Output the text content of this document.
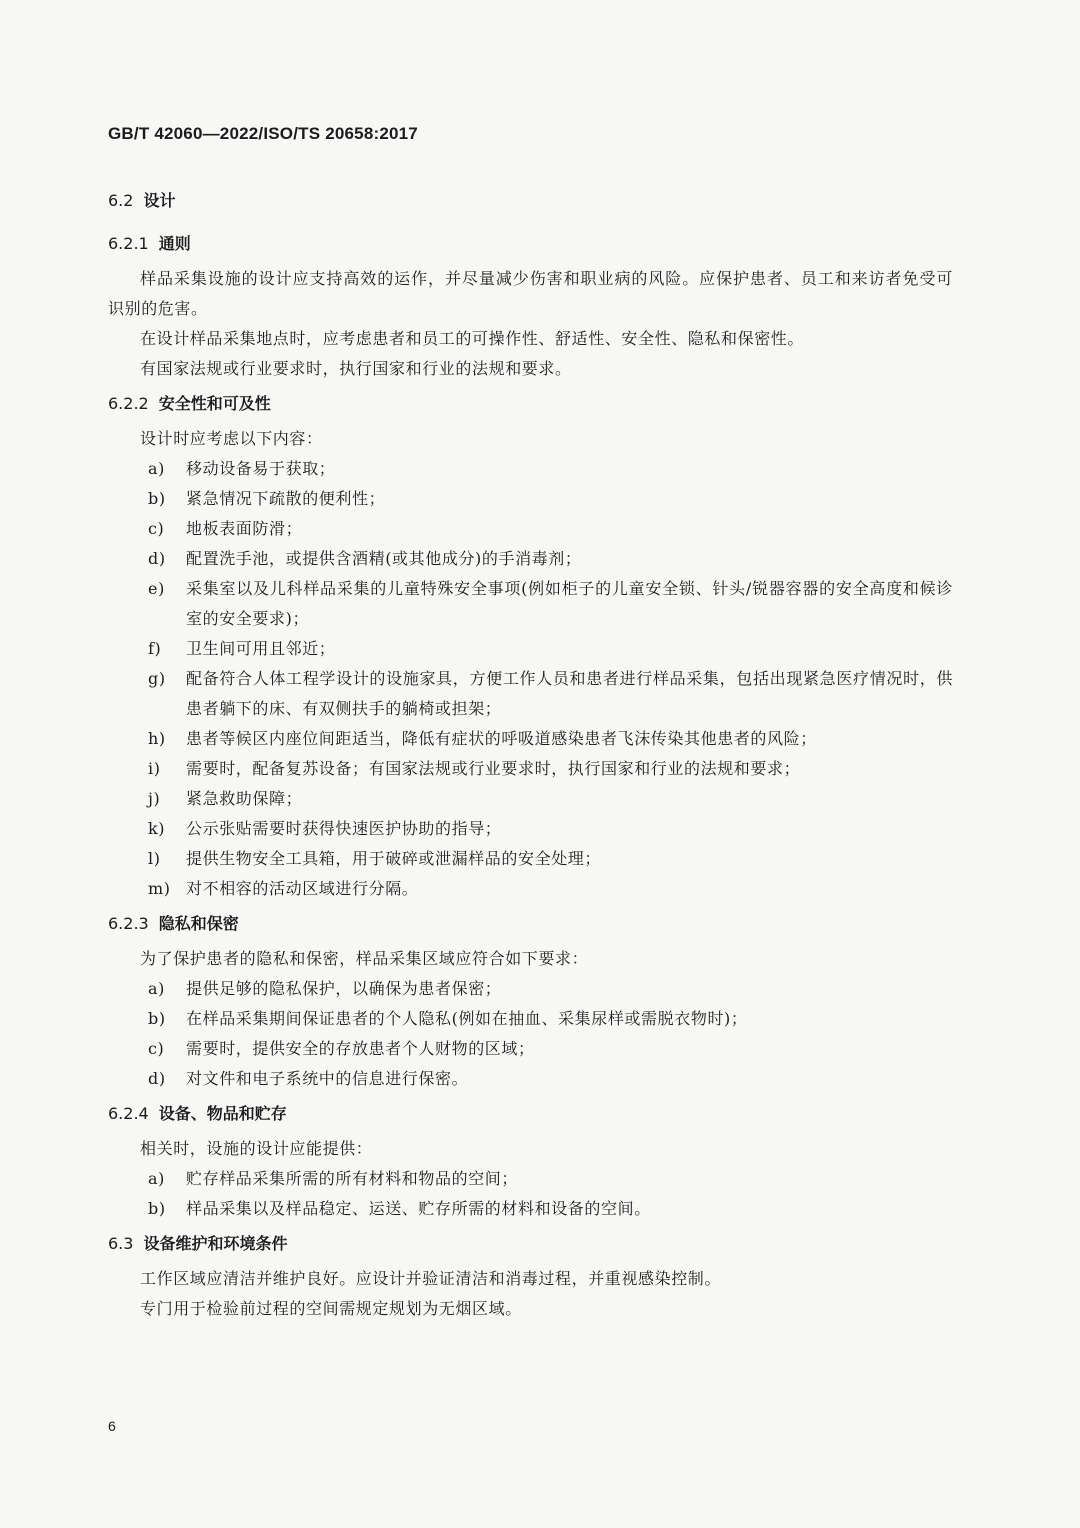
GB/T 42060—2022/ISO/TS 20658:2017
6.2 设计
6.2.1 通则

样品采集设施的设计应支持高效的运作，并尽量减少伤害和职业病的风险。应保护患者、员工和来访者免受可识别的危害。

在设计样品采集地点时，应考虑患者和员工的可操作性、舒适性、安全性、隐私和保密性。

有国家法规或行业要求时，执行国家和行业的法规和要求。

6.2.2 安全性和可及性

设计时应考虑以下内容：

a) 移动设备易于获取；
b) 紧急情况下疏散的便利性；
c) 地板表面防滑；
d) 配置洗手池，或提供含酒精(或其他成分)的手消毒剂；
e) 采集室以及儿科样品采集的儿童特殊安全事项(例如柜子的儿童安全锁、针头/锐器容器的安全高度和候诊室的安全要求)；
f) 卫生间可用且邻近；
g) 配备符合人体工程学设计的设施家具，方便工作人员和患者进行样品采集，包括出现紧急医疗情况时，供患者躺下的床、有双侧扶手的躺椅或担架；
h) 患者等候区内座位间距适当，降低有症状的呼吸道感染患者飞沫传染其他患者的风险；
i) 需要时，配备复苏设备；有国家法规或行业要求时，执行国家和行业的法规和要求；
j) 紧急救助保障；
k) 公示张贴需要时获得快速医护协助的指导；
l) 提供生物安全工具箱，用于破碎或泄漏样品的安全处理；
m) 对不相容的活动区域进行分隔。
6.2.3 隐私和保密

为了保护患者的隐私和保密，样品采集区域应符合如下要求：

a) 提供足够的隐私保护，以确保为患者保密；
b) 在样品采集期间保证患者的个人隐私(例如在抽血、采集尿样或需脱衣物时)；
c) 需要时，提供安全的存放患者个人财物的区域；
d) 对文件和电子系统中的信息进行保密。
6.2.4 设备、物品和贮存

相关时，设施的设计应能提供：

a) 贮存样品采集所需的所有材料和物品的空间；
b) 样品采集以及样品稳定、运送、贮存所需的材料和设备的空间。
6.3 设备维护和环境条件

工作区域应清洁并维护良好。应设计并验证清洁和消毒过程，并重视感染控制。

专门用于检验前过程的空间需规定规划为无烟区域。

6
